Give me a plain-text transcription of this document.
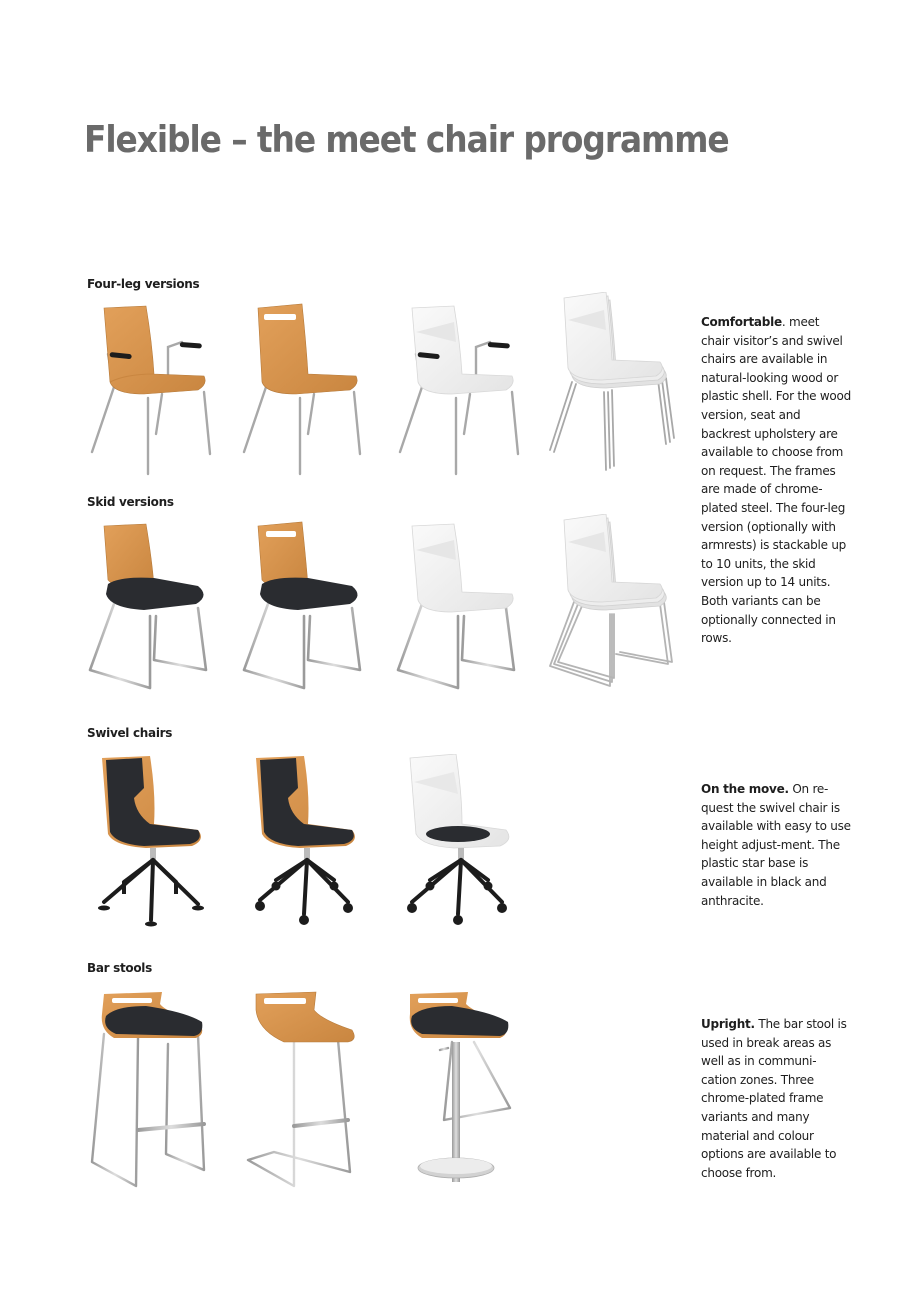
Flexible – the meet chair programme

Four-leg versions

Skid versions

Swivel chairs

Bar stools

Comfortable. meet chair visitor’s and swivel chairs are available in natural-looking wood or plastic shell. For the wood version, seat and backrest upholstery are available to choose from on request. The frames are made of chrome-plated steel. The four-leg version (optionally with armrests) is stackable up to 10 units, the skid version up to 14 units. Both variants can be optionally connected in rows.

On the move. On re-quest the swivel chair is available with easy to use height adjust-ment. The plastic star base is available in black and anthracite.

Upright. The bar stool is used in break areas as well as in communi-cation zones. Three chrome-plated frame variants and many material and colour options are available to choose from.
